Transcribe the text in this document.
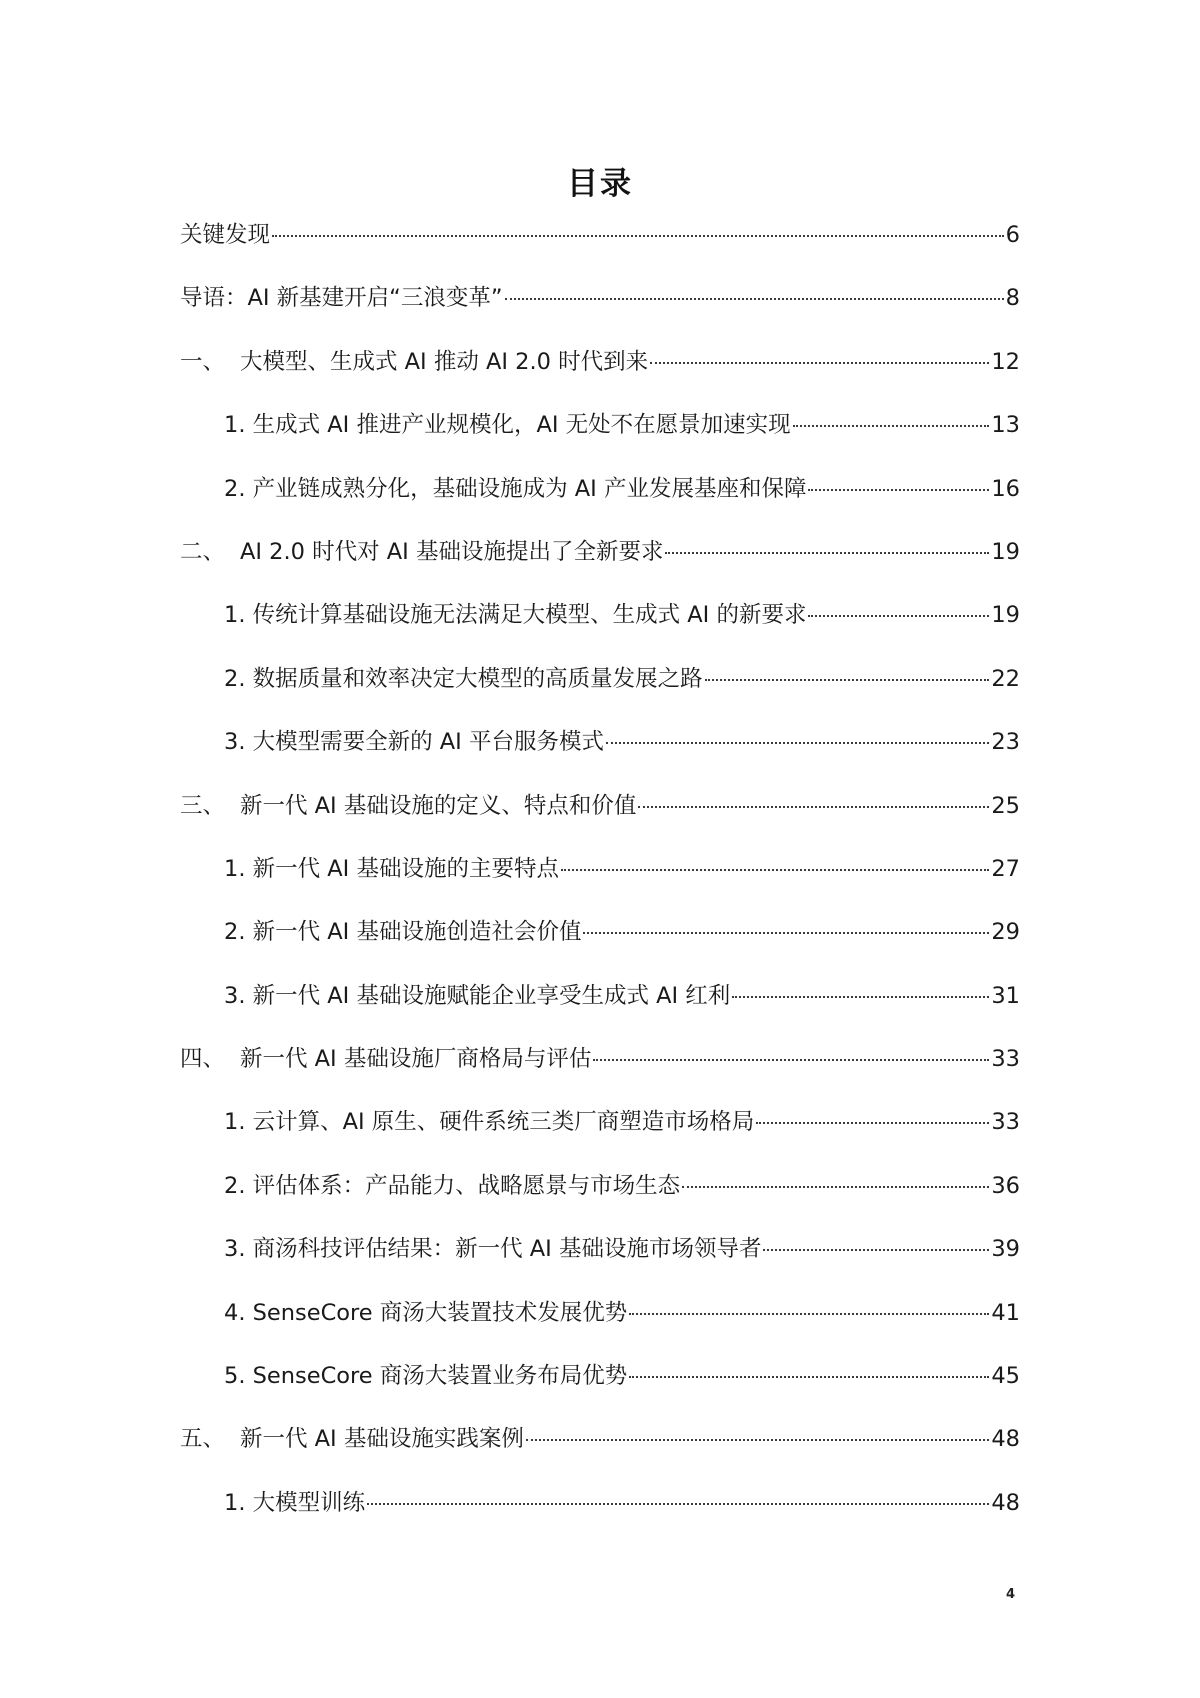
目录
关键发现	6
导语：AI 新基建开启“三浪变革”	8
一、 大模型、生成式 AI 推动 AI 2.0 时代到来	12
1. 生成式 AI 推进产业规模化，AI 无处不在愿景加速实现	13
2. 产业链成熟分化，基础设施成为 AI 产业发展基座和保障	16
二、 AI 2.0 时代对 AI 基础设施提出了全新要求	19
1. 传统计算基础设施无法满足大模型、生成式 AI 的新要求	19
2. 数据质量和效率决定大模型的高质量发展之路	22
3. 大模型需要全新的 AI 平台服务模式	23
三、 新一代 AI 基础设施的定义、特点和价值	25
1. 新一代 AI 基础设施的主要特点	27
2. 新一代 AI 基础设施创造社会价值	29
3. 新一代 AI 基础设施赋能企业享受生成式 AI 红利	31
四、 新一代 AI 基础设施厂商格局与评估	33
1. 云计算、AI 原生、硬件系统三类厂商塑造市场格局	33
2. 评估体系：产品能力、战略愿景与市场生态	36
3. 商汤科技评估结果：新一代 AI 基础设施市场领导者	39
4. SenseCore 商汤大装置技术发展优势	41
5. SenseCore 商汤大装置业务布局优势	45
五、 新一代 AI 基础设施实践案例	48
1. 大模型训练	48
4
